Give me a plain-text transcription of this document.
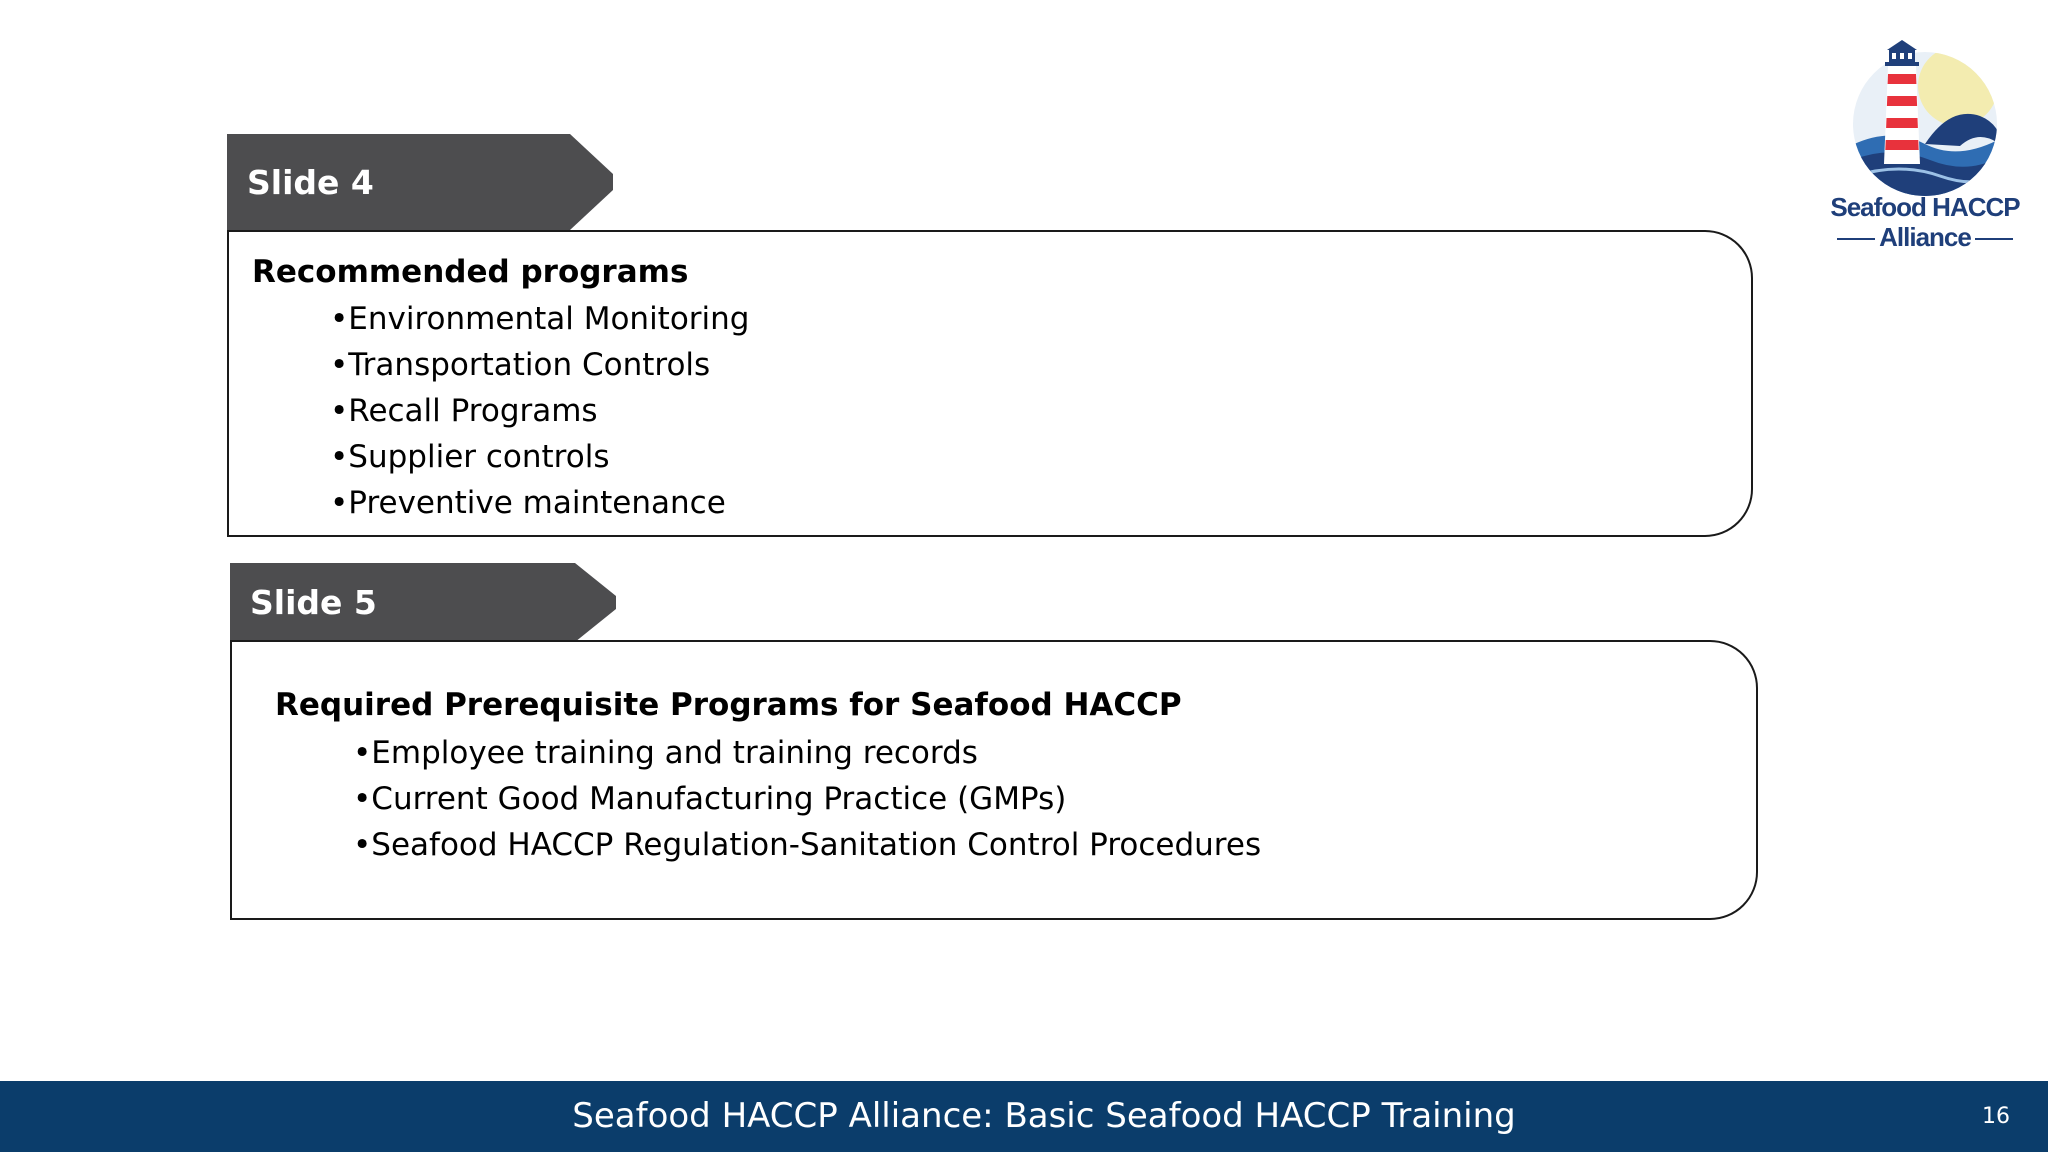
Seafood HACCP
Alliance
Slide 4
Recommended programs
• Environmental Monitoring
• Transportation Controls
• Recall Programs
• Supplier controls
• Preventive maintenance
Slide 5
Required Prerequisite Programs for Seafood HACCP
• Employee training and training records
• Current Good Manufacturing Practice (GMPs)
• Seafood HACCP Regulation-Sanitation Control Procedures
Seafood HACCP Alliance: Basic Seafood HACCP Training	16
